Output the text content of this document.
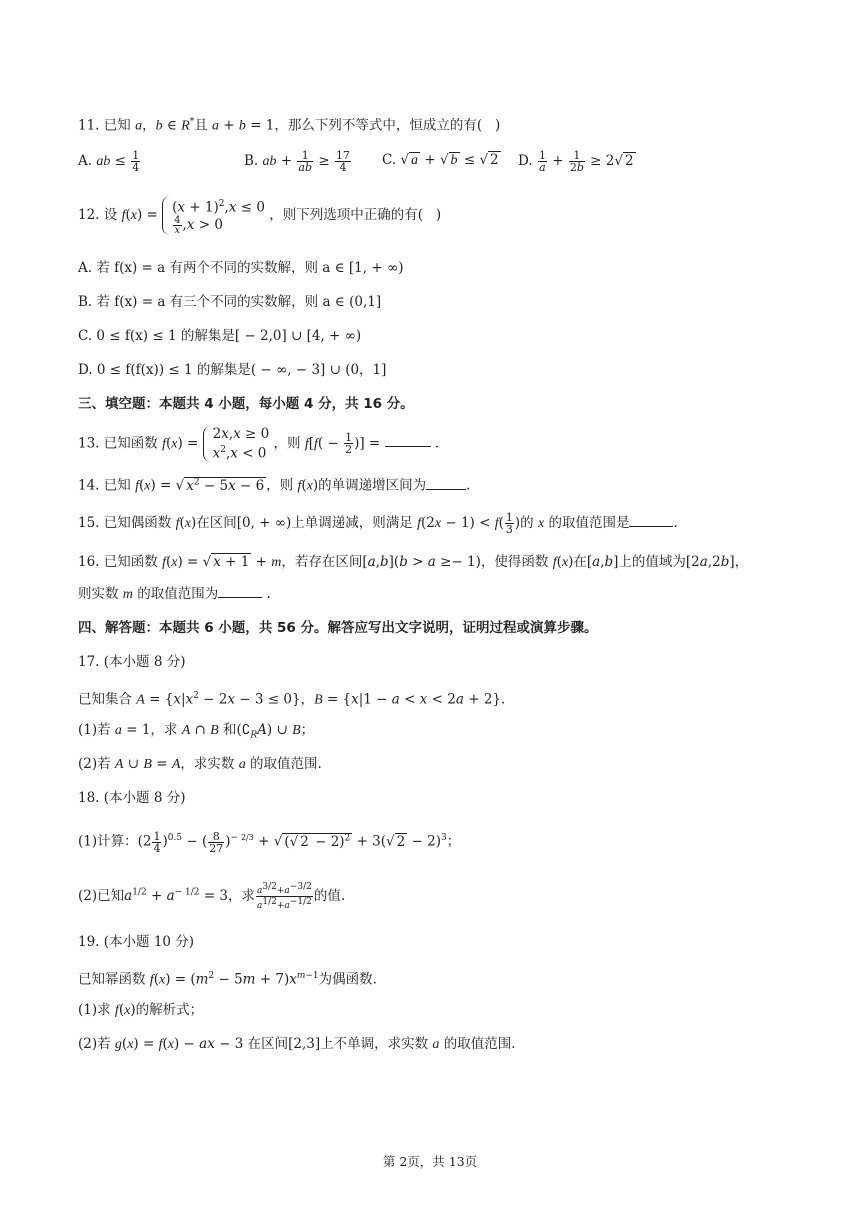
11. 已知 a，b ∈ R*且 a + b = 1，那么下列不等式中，恒成立的有(   )
A. ab ≤ $\frac{1}{4}$	B. ab + $\frac{1}{ab} \ge \frac{17}{4} C$. √ a + √ b ≤ √ 2 D. $\frac{1}{a} + \frac{1}{2b} \ge 2√$ 2
12. 设 $f(x) = (x + 1)^2,x \le 0$
$\frac{4}{x} ,x > 0$
，则下列选项中正确的有(   )
A. 若 f(x) = a 有两个不同的实数解，则 a ∈ [1, + ∞)
B. 若 f(x) = a 有三个不同的实数解，则 a ∈ (0,1]
C. 0 ≤ f(x) ≤ 1 的解集是[ − 2,0] ∪ [4, + ∞)
D. 0 ≤ f(f(x)) ≤ 1 的解集是( − ∞, − 3] ∪ (0，1]
三、填空题：本题共 4 小题，每小题 4 分，共 16 分。
13. 已知函数 f(x) =
2x,x ≥ 0
$x^2,x < 0$
，则 $f[f( - \frac{1}{2}$ )] =	.
14. 已知 f(x) = √ $x^2 - 5x - 6$ ，则 f(x)的单调递增区间为	.
15. 已知偶函数 f(x)在区间[0, + ∞)上单调递减，则满足 $f(2x - 1) < f( \frac{1}{3}$ )的 x 的取值范围是	.
16. 已知函数 f(x) = √ x + 1 + m，若存在区间[a,b](b > a ≥− 1)，使得函数 f(x)在[a,b]上的值域为[2a,2b]，
则实数 m 的取值范围为	.
四、解答题：本题共 6 小题，共 56 分。解答应写出文字说明，证明过程或演算步骤。
17. (本小题 8 分)
已知集合 $A = \{x|x^2 - 2x - 3 \le 0\}$，B = {x|1 − a < x < 2a + 2}.
(1)若 a = 1，求 A ∩ B 和$(∁_RA)$ ∪ B；
(2)若 A ∪ B = A，求实数 a 的取值范围.
18. (本小题 8 分)
(1)计算：$(2 \frac{1}{4} )^{0.5}$ − ( $\frac{8}{27} )^{- 2/3}$ + √ (√ 2 − 2)$^2$ + 3(√ 2 − 2)$^3$；
(2)已知$a^{1/2} + a^{- 1/2} = 3$，求 $\frac{a^{3/2}+a^{-3/2}}{a^{1/2}+a^{-1/2}}$ 的值.
19. (本小题 10 分)
已知幂函数 $f(x) = (m^2 - 5m + 7)x^{m-1}$为偶函数.
(1)求 f(x)的解析式；
(2)若 g(x) = f(x) − ax − 3 在区间[2,3]上不单调，求实数 a 的取值范围.
第 2页，共 13页
